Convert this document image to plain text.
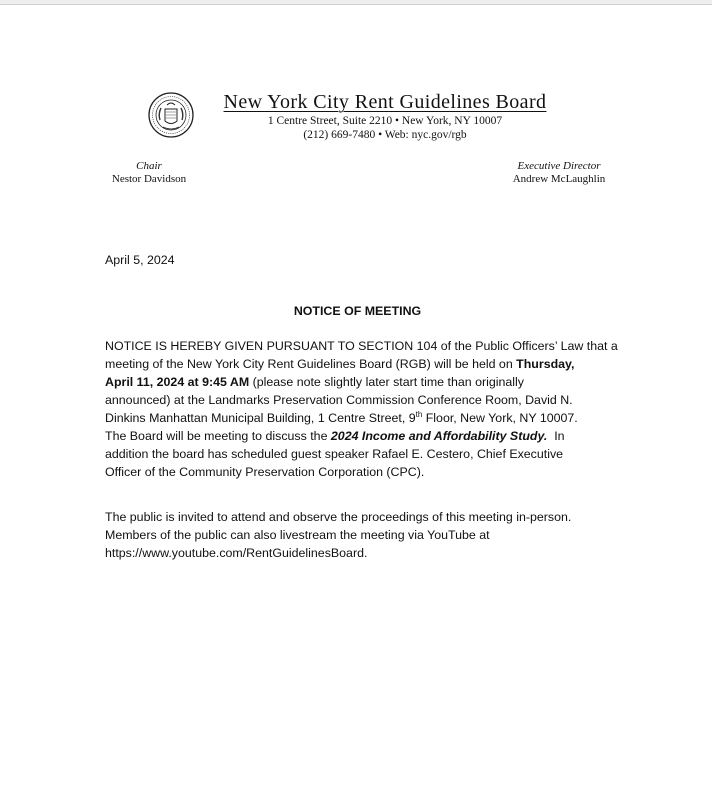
New York City Rent Guidelines Board
1 Centre Street, Suite 2210 • New York, NY 10007
(212) 669-7480 • Web: nyc.gov/rgb
Chair
Nestor Davidson
Executive Director
Andrew McLaughlin
April 5, 2024
NOTICE OF MEETING
NOTICE IS HEREBY GIVEN PURSUANT TO SECTION 104 of the Public Officers’ Law that a
meeting of the New York City Rent Guidelines Board (RGB) will be held on Thursday,
April 11, 2024 at 9:45 AM (please note slightly later start time than originally
announced) at the Landmarks Preservation Commission Conference Room, David N.
Dinkins Manhattan Municipal Building, 1 Centre Street, 9th Floor, New York, NY 10007.
The Board will be meeting to discuss the 2024 Income and Affordability Study.  In
addition the board has scheduled guest speaker Rafael E. Cestero, Chief Executive
Officer of the Community Preservation Corporation (CPC).
The public is invited to attend and observe the proceedings of this meeting in-person.
Members of the public can also livestream the meeting via YouTube at
https://www.youtube.com/RentGuidelinesBoard.
